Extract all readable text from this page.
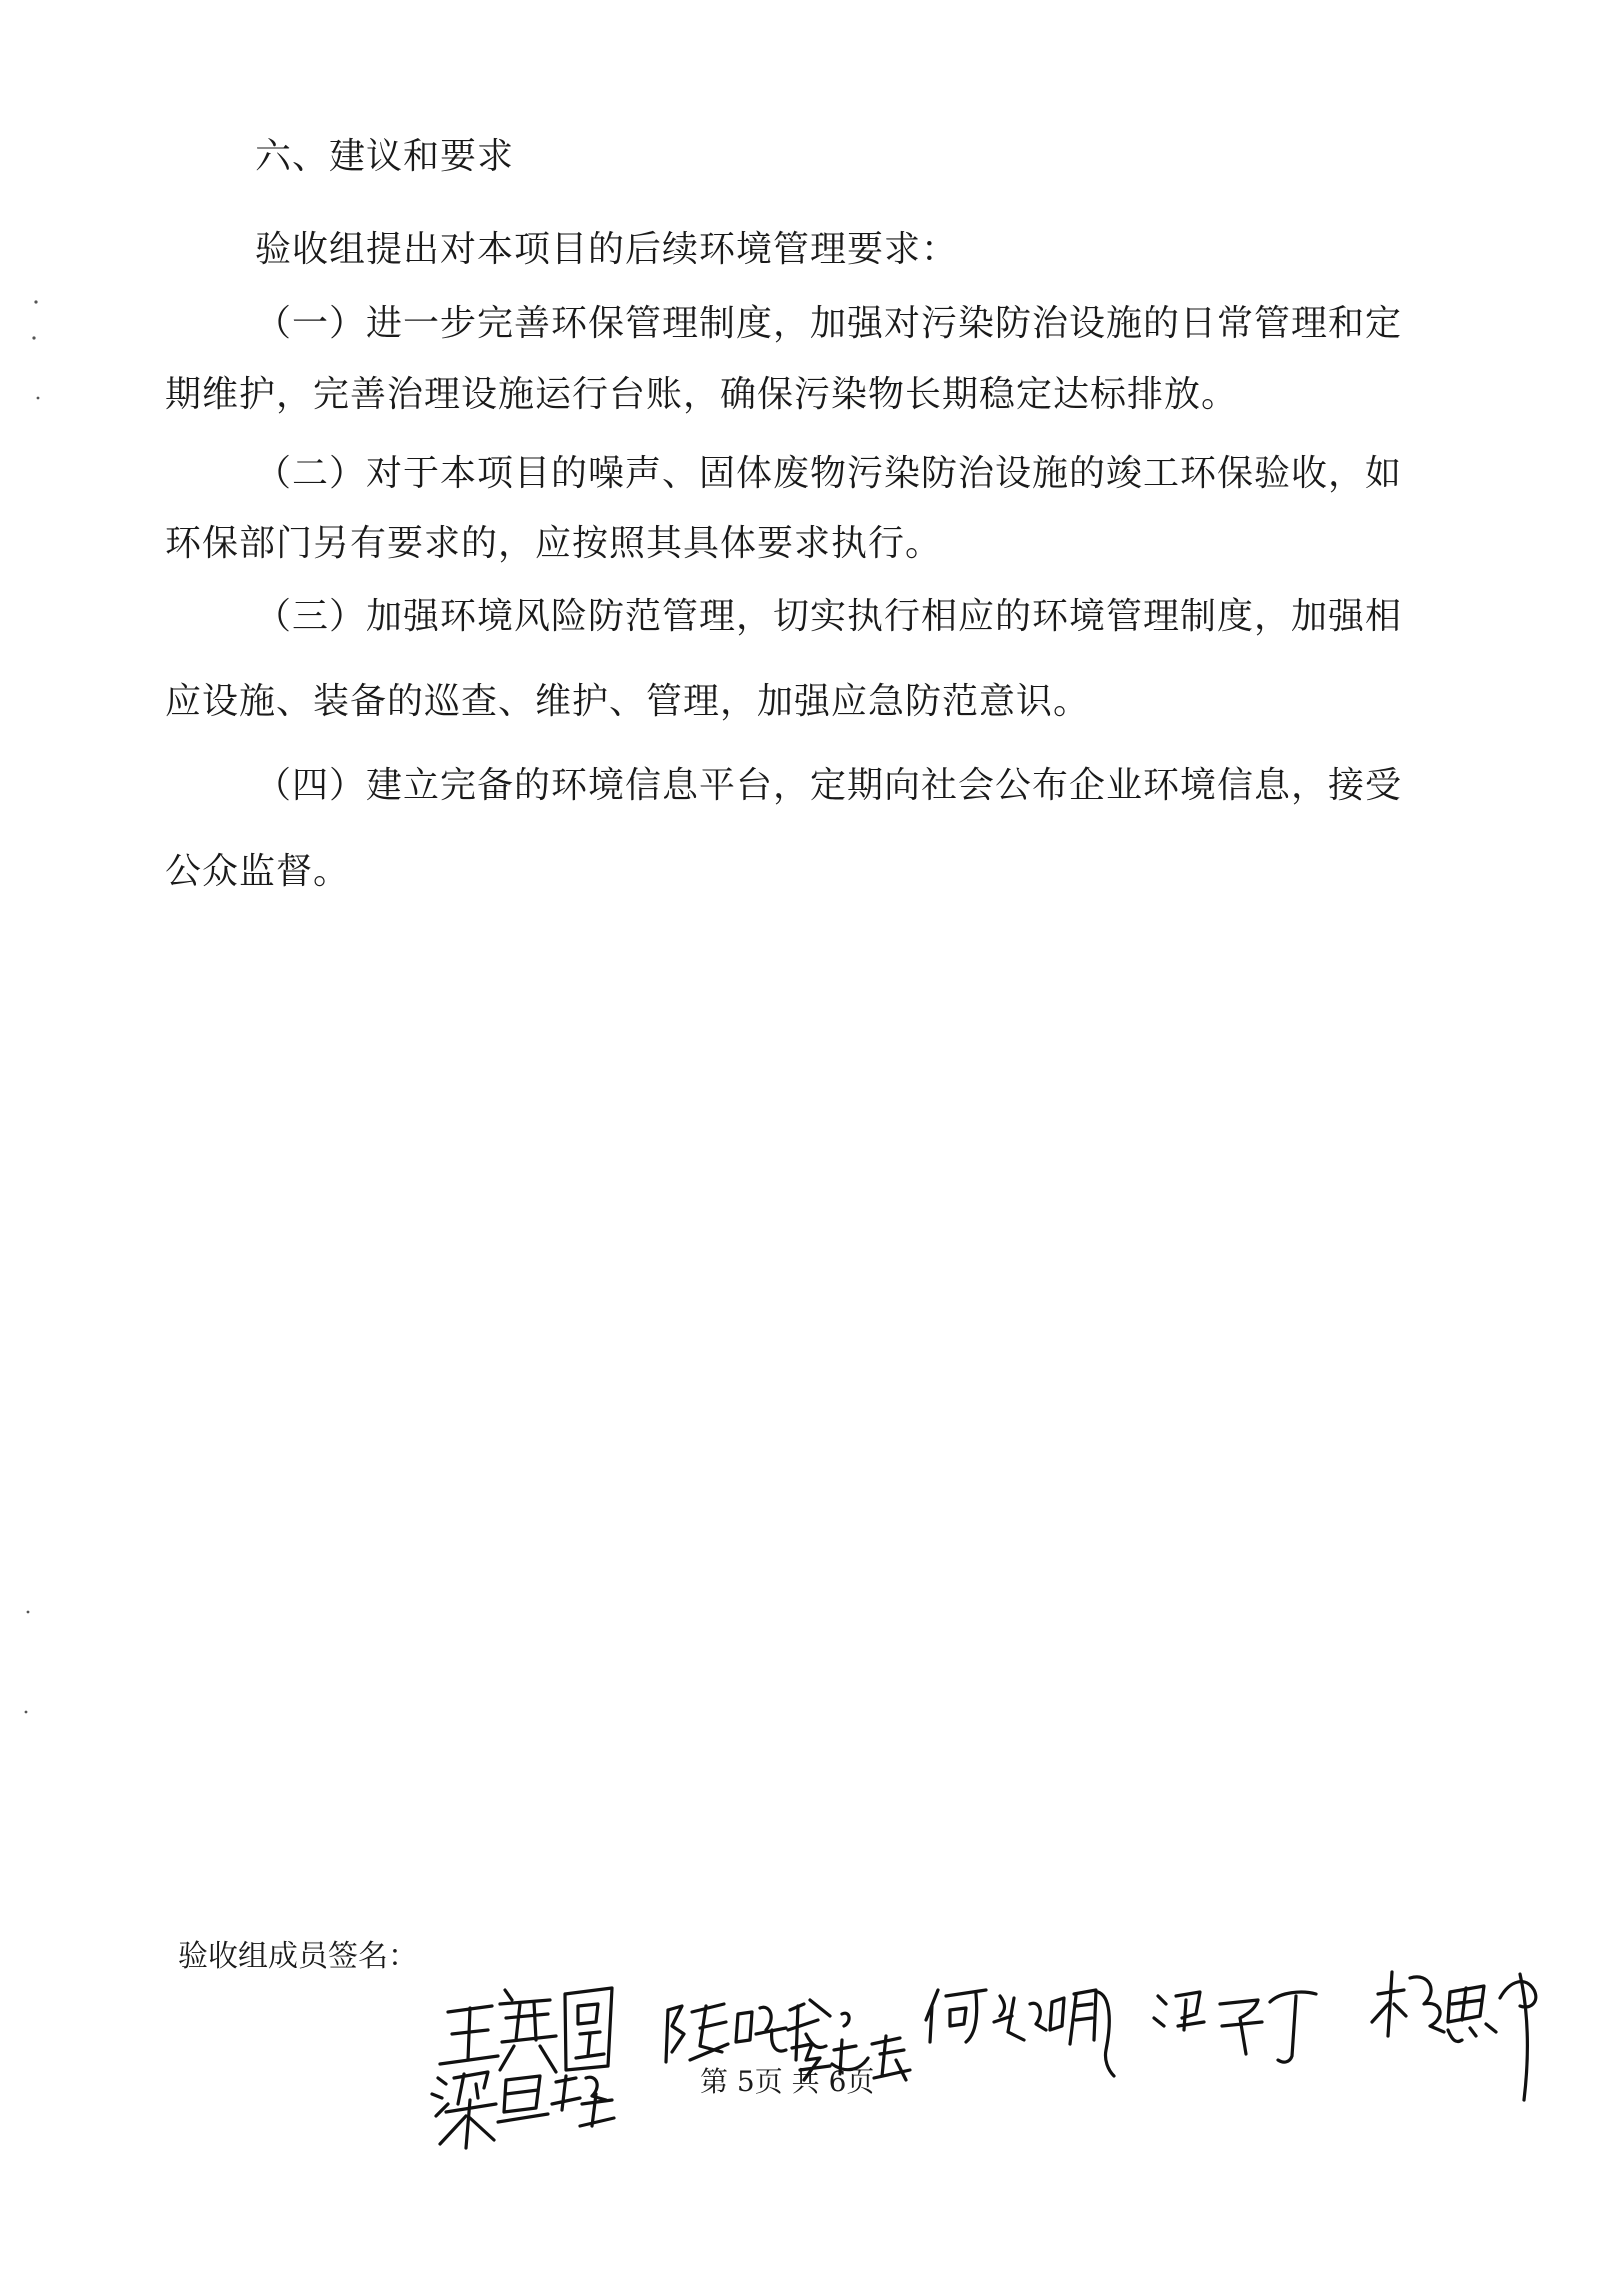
六、建议和要求
验收组提出对本项目的后续环境管理要求：
（一）进一步完善环保管理制度，加强对污染防治设施的日常管理和定
期维护，完善治理设施运行台账，确保污染物长期稳定达标排放。
（二）对于本项目的噪声、固体废物污染防治设施的竣工环保验收，如
环保部门另有要求的，应按照其具体要求执行。
（三）加强环境风险防范管理，切实执行相应的环境管理制度，加强相
应设施、装备的巡查、维护、管理，加强应急防范意识。
（四）建立完备的环境信息平台，定期向社会公布企业环境信息，接受
公众监督。
验收组成员签名：
第 5页 共 6页
